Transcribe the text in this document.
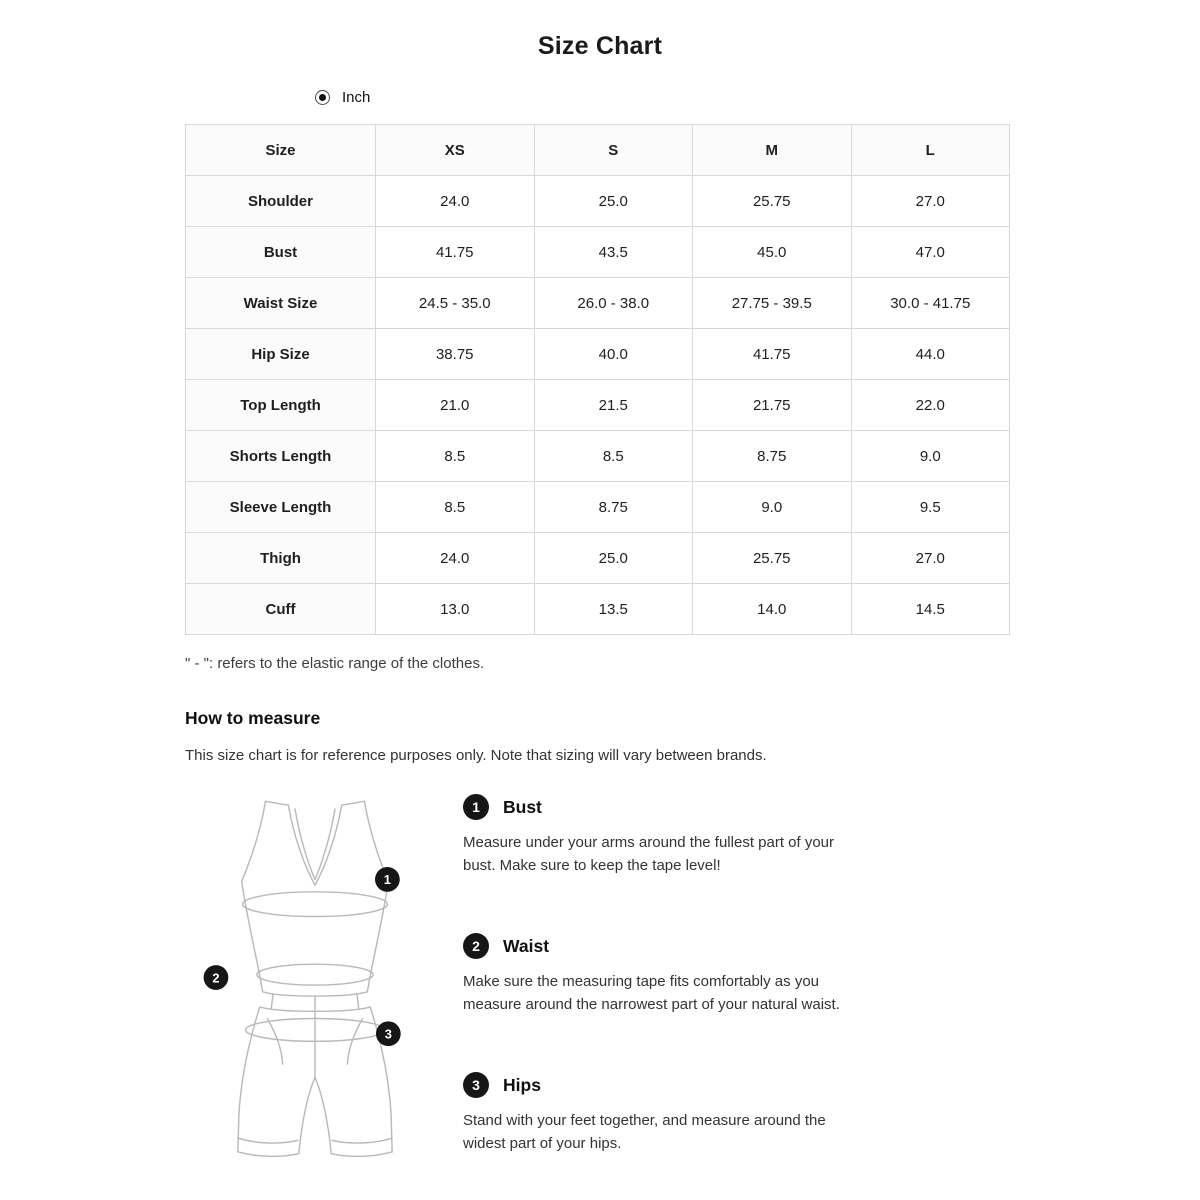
Size Chart
Inch
Size	XS	S	M	L
Shoulder	24.0	25.0	25.75	27.0
Bust	41.75	43.5	45.0	47.0
Waist Size	24.5 - 35.0	26.0 - 38.0	27.75 - 39.5	30.0 - 41.75
Hip Size	38.75	40.0	41.75	44.0
Top Length	21.0	21.5	21.75	22.0
Shorts Length	8.5	8.5	8.75	9.0
Sleeve Length	8.5	8.75	9.0	9.5
Thigh	24.0	25.0	25.75	27.0
Cuff	13.0	13.5	14.0	14.5

" - ": refers to the elastic range of the clothes.

How to measure

This size chart is for reference purposes only. Note that sizing will vary between brands.

1
2
3
1	Bust

Measure under your arms around the fullest part of your bust. Make sure to keep the tape level!

2	Waist

Make sure the measuring tape fits comfortably as you measure around the narrowest part of your natural waist.

3	Hips

Stand with your feet together, and measure around the widest part of your hips.
